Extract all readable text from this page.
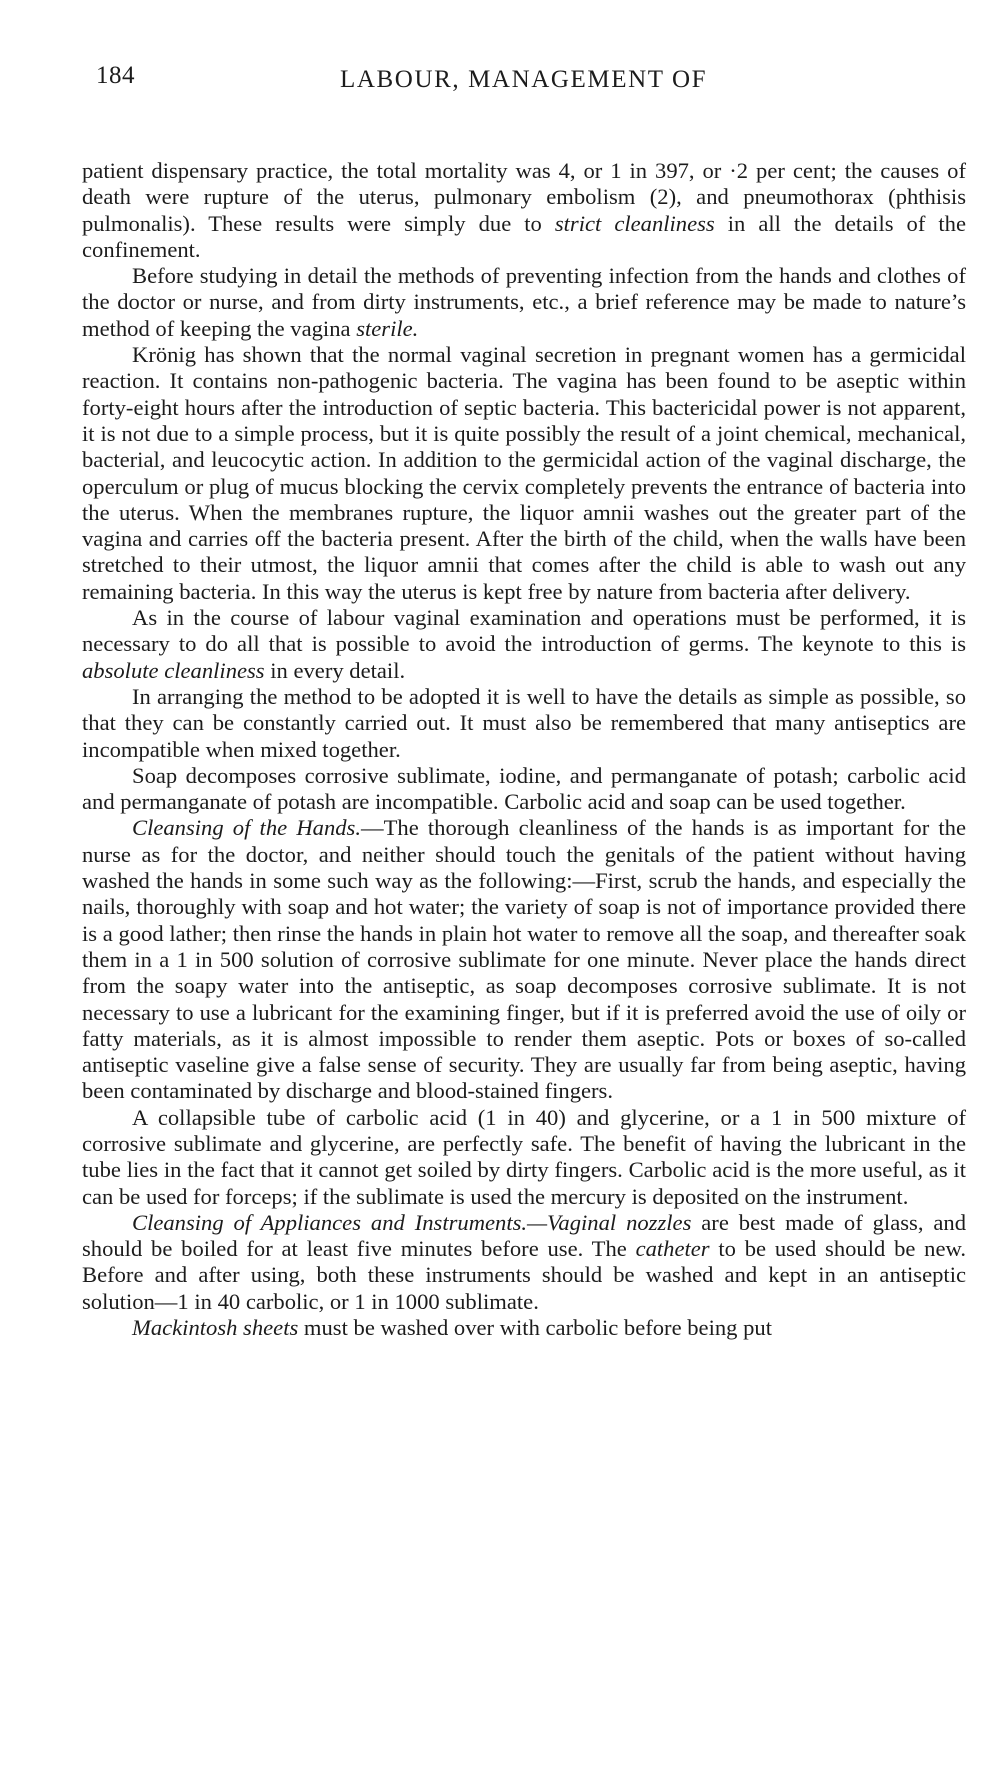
184	LABOUR, MANAGEMENT OF

patient dispensary practice, the total mortality was 4, or 1 in 397, or ·2 per cent; the causes of death were rupture of the uterus, pulmonary embolism (2), and pneumothorax (phthisis pulmonalis). These results were simply due to strict cleanliness in all the details of the confinement.

Before studying in detail the methods of preventing infection from the hands and clothes of the doctor or nurse, and from dirty instruments, etc., a brief reference may be made to nature’s method of keeping the vagina sterile.

Krönig has shown that the normal vaginal secretion in pregnant women has a germicidal reaction. It contains non-pathogenic bacteria. The vagina has been found to be aseptic within forty-eight hours after the introduction of septic bacteria. This bactericidal power is not apparent, it is not due to a simple process, but it is quite possibly the result of a joint chemical, mechanical, bacterial, and leucocytic action. In addition to the germicidal action of the vaginal discharge, the operculum or plug of mucus blocking the cervix completely prevents the entrance of bacteria into the uterus. When the membranes rupture, the liquor amnii washes out the greater part of the vagina and carries off the bacteria present. After the birth of the child, when the walls have been stretched to their utmost, the liquor amnii that comes after the child is able to wash out any remaining bacteria. In this way the uterus is kept free by nature from bacteria after delivery.

As in the course of labour vaginal examination and operations must be performed, it is necessary to do all that is possible to avoid the introduction of germs. The keynote to this is absolute cleanliness in every detail.

In arranging the method to be adopted it is well to have the details as simple as possible, so that they can be constantly carried out. It must also be remembered that many antiseptics are incompatible when mixed together.

Soap decomposes corrosive sublimate, iodine, and permanganate of potash; carbolic acid and permanganate of potash are incompatible. Carbolic acid and soap can be used together.

Cleansing of the Hands.—The thorough cleanliness of the hands is as important for the nurse as for the doctor, and neither should touch the genitals of the patient without having washed the hands in some such way as the following:—First, scrub the hands, and especially the nails, thoroughly with soap and hot water; the variety of soap is not of importance provided there is a good lather; then rinse the hands in plain hot water to remove all the soap, and thereafter soak them in a 1 in 500 solution of corrosive sublimate for one minute. Never place the hands direct from the soapy water into the antiseptic, as soap decomposes corrosive sublimate. It is not necessary to use a lubricant for the examining finger, but if it is preferred avoid the use of oily or fatty materials, as it is almost impossible to render them aseptic. Pots or boxes of so-called antiseptic vaseline give a false sense of security. They are usually far from being aseptic, having been contaminated by discharge and blood-stained fingers.

A collapsible tube of carbolic acid (1 in 40) and glycerine, or a 1 in 500 mixture of corrosive sublimate and glycerine, are perfectly safe. The benefit of having the lubricant in the tube lies in the fact that it cannot get soiled by dirty fingers. Carbolic acid is the more useful, as it can be used for forceps; if the sublimate is used the mercury is deposited on the instrument.

Cleansing of Appliances and Instruments.—Vaginal nozzles are best made of glass, and should be boiled for at least five minutes before use. The catheter to be used should be new. Before and after using, both these instruments should be washed and kept in an antiseptic solution—1 in 40 carbolic, or 1 in 1000 sublimate.

Mackintosh sheets must be washed over with carbolic before being put
